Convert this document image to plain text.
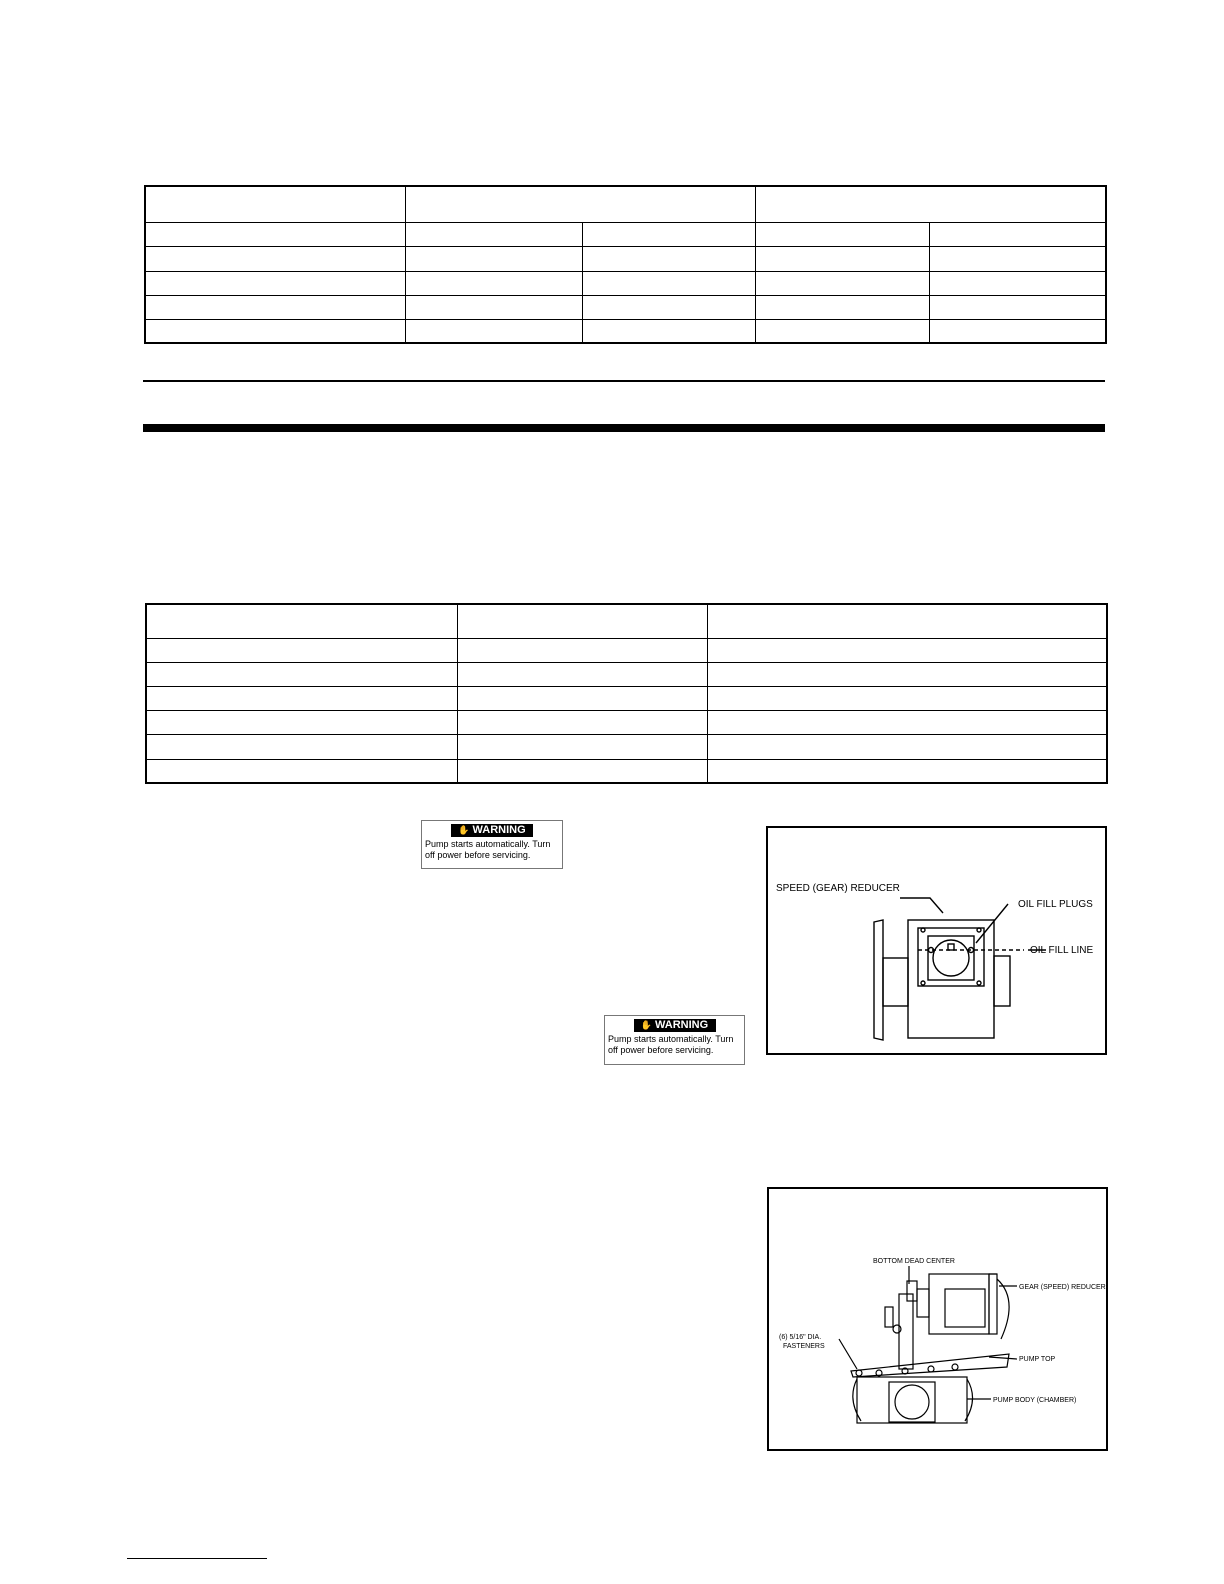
✋ WARNING
Pump starts automatically. Turn off power before servicing.
✋ WARNING
Pump starts automatically. Turn off power before servicing.
SPEED (GEAR) REDUCER
OIL FILL PLUGS
OIL FILL LINE
BOTTOM DEAD CENTER
GEAR (SPEED) REDUCER
(6) 5/16" DIA.
FASTENERS
PUMP TOP
PUMP BODY (CHAMBER)
